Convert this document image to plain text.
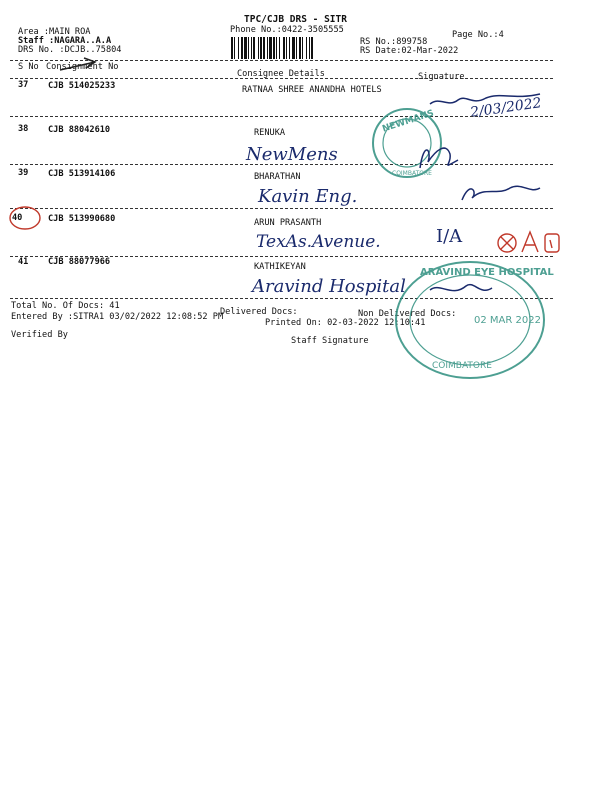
TPC/CJB DRS - SITR
Phone No.:0422-3505555
Area :MAIN ROA
Staff :NAGARA..A.A
DRS No. :DCJB..75804
RS No.:899758
RS Date:02-Mar-2022
Page No.:4
S No Consignment No
Consignee Details	Signature
37 CJB 514025233	RATNAA SHREE ANANDHA HOTELS
2/03/2022
38 CJB 88042610	RENUKA
NewMens
39 CJB 513914106	BHARATHAN
Kavin Eng.
40	CJB 513990680	ARUN PRASANTH
TexAs.Avenue.	I/A
41 CJB 88077966	KATHIKEYAN
Aravind Hospital
Total No. Of Docs: 41
Delivered Docs:	Non Delivered Docs:
Entered By :SITRA1 03/02/2022 12:08:52 PM
Printed On: 02-03-2022 12:10:41
Verified By
Staff Signature
NEWMANS
COIMBATORE
ARAVIND EYE HOSPITAL
02 MAR 2022
COIMBATORE
